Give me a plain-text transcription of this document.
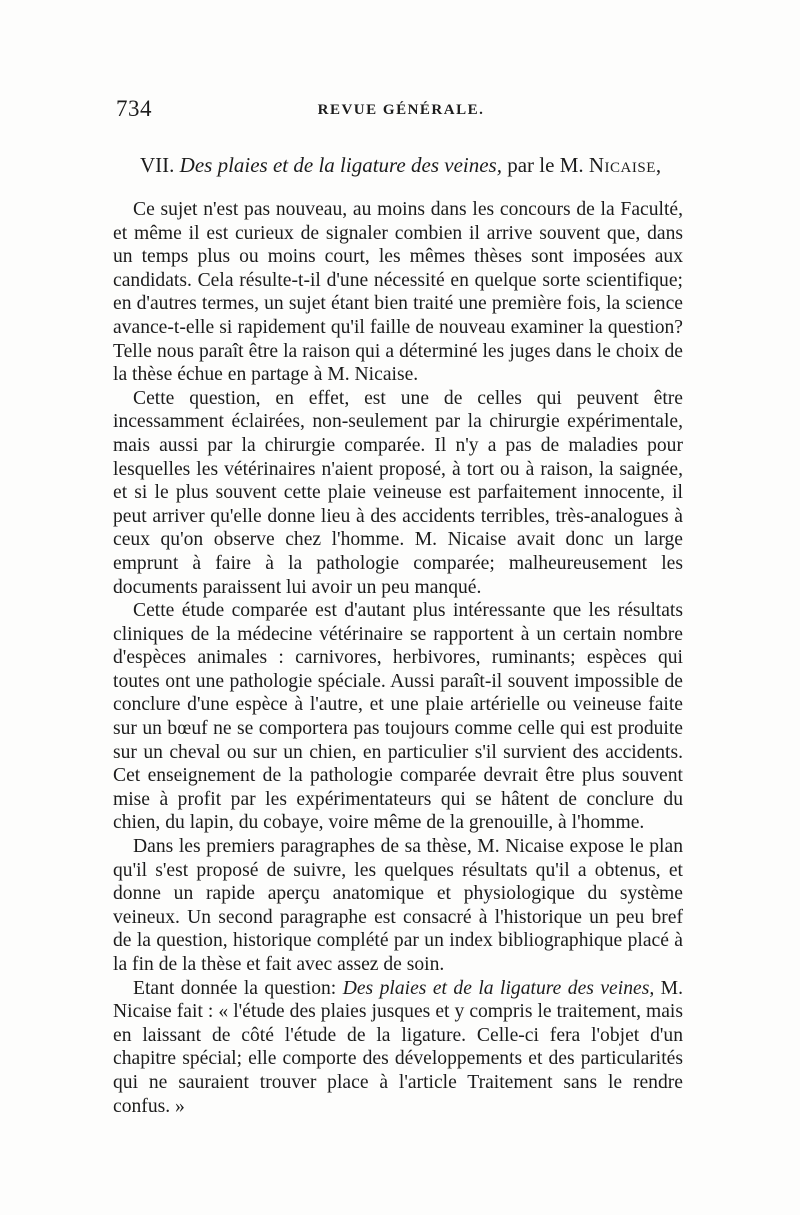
734	REVUE GÉNÉRALE.
VII. Des plaies et de la ligature des veines, par le M. Nicaise,

Ce sujet n'est pas nouveau, au moins dans les concours de la Faculté, et même il est curieux de signaler combien il arrive souvent que, dans un temps plus ou moins court, les mêmes thèses sont imposées aux candidats. Cela résulte-t-il d'une nécessité en quelque sorte scientifique; en d'autres termes, un sujet étant bien traité une première fois, la science avance-t-elle si rapidement qu'il faille de nouveau examiner la question? Telle nous paraît être la raison qui a déterminé les juges dans le choix de la thèse échue en partage à M. Nicaise.

Cette question, en effet, est une de celles qui peuvent être incessamment éclairées, non-seulement par la chirurgie expérimentale, mais aussi par la chirurgie comparée. Il n'y a pas de maladies pour lesquelles les vétérinaires n'aient proposé, à tort ou à raison, la saignée, et si le plus souvent cette plaie veineuse est parfaitement innocente, il peut arriver qu'elle donne lieu à des accidents terribles, très-analogues à ceux qu'on observe chez l'homme. M. Nicaise avait donc un large emprunt à faire à la pathologie comparée; malheureusement les documents paraissent lui avoir un peu manqué.

Cette étude comparée est d'autant plus intéressante que les résultats cliniques de la médecine vétérinaire se rapportent à un certain nombre d'espèces animales : carnivores, herbivores, ruminants; espèces qui toutes ont une pathologie spéciale. Aussi paraît-il souvent impossible de conclure d'une espèce à l'autre, et une plaie artérielle ou veineuse faite sur un bœuf ne se comportera pas toujours comme celle qui est produite sur un cheval ou sur un chien, en particulier s'il survient des accidents. Cet enseignement de la pathologie comparée devrait être plus souvent mise à profit par les expérimentateurs qui se hâtent de conclure du chien, du lapin, du cobaye, voire même de la grenouille, à l'homme.

Dans les premiers paragraphes de sa thèse, M. Nicaise expose le plan qu'il s'est proposé de suivre, les quelques résultats qu'il a obtenus, et donne un rapide aperçu anatomique et physiologique du système veineux. Un second paragraphe est consacré à l'historique un peu bref de la question, historique complété par un index bibliographique placé à la fin de la thèse et fait avec assez de soin.

Etant donnée la question: Des plaies et de la ligature des veines, M. Nicaise fait : « l'étude des plaies jusques et y compris le traitement, mais en laissant de côté l'étude de la ligature. Celle-ci fera l'objet d'un chapitre spécial; elle comporte des développements et des particularités qui ne sauraient trouver place à l'article Traitement sans le rendre confus. »
